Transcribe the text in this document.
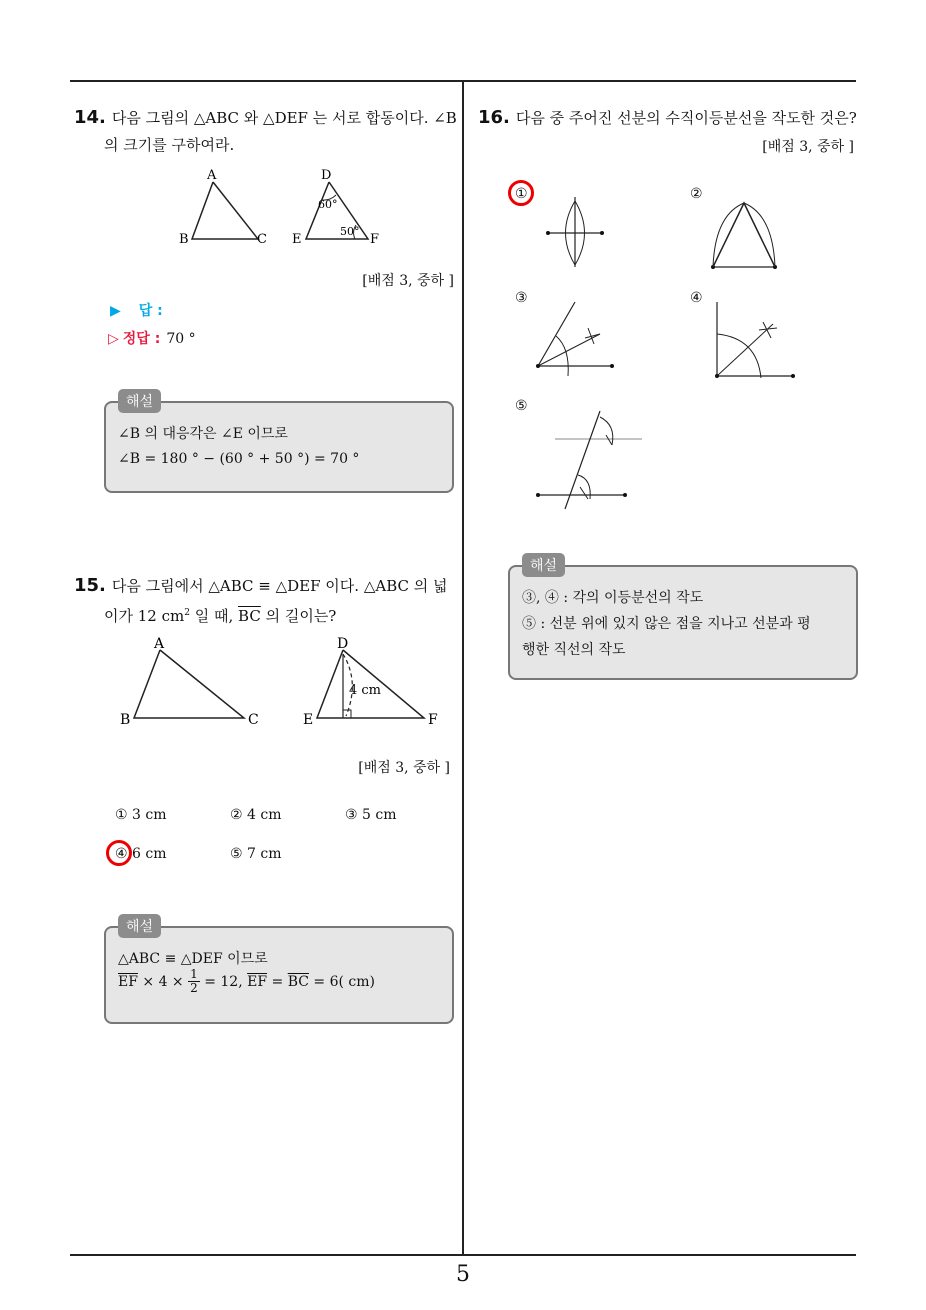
14. 다음 그림의 △ABC 와 △DEF 는 서로 합동이다. ∠B
의 크기를 구하여라.
A
B	C
D
E	F
60°
50°
[배점 3, 중하 ]
▶ 답 :
▷ 정답 : 70 °
해설
∠B 의 대응각은 ∠E 이므로
∠B = 180 ° − (60 ° + 50 °) = 70 °
15. 다음 그림에서 △ABC ≡ △DEF 이다. △ABC 의 넓
이가 12 $cm^2$ 일 때, $\overline{BC}$ 의 길이는?
A
B	C
D
E	F
4 cm
[배점 3, 중하 ]
① 3 cm	② 4 cm	③ 5 cm
④ 6 cm	⑤ 7 cm
해설
△ABC ≡ △DEF 이므로
$\overline{EF} \times 4 \times \frac{1}{2} = 12$, $\overline{EF} = \overline{BC} = 6$( cm)
16. 다음 중 주어진 선분의 수직이등분선을 작도한 것은?
[배점 3, 중하 ]
①	②
③	④
⑤
해설
③, ④ : 각의 이등분선의 작도
⑤ : 선분 위에 있지 않은 점을 지나고 선분과 평
행한 직선의 작도
5
